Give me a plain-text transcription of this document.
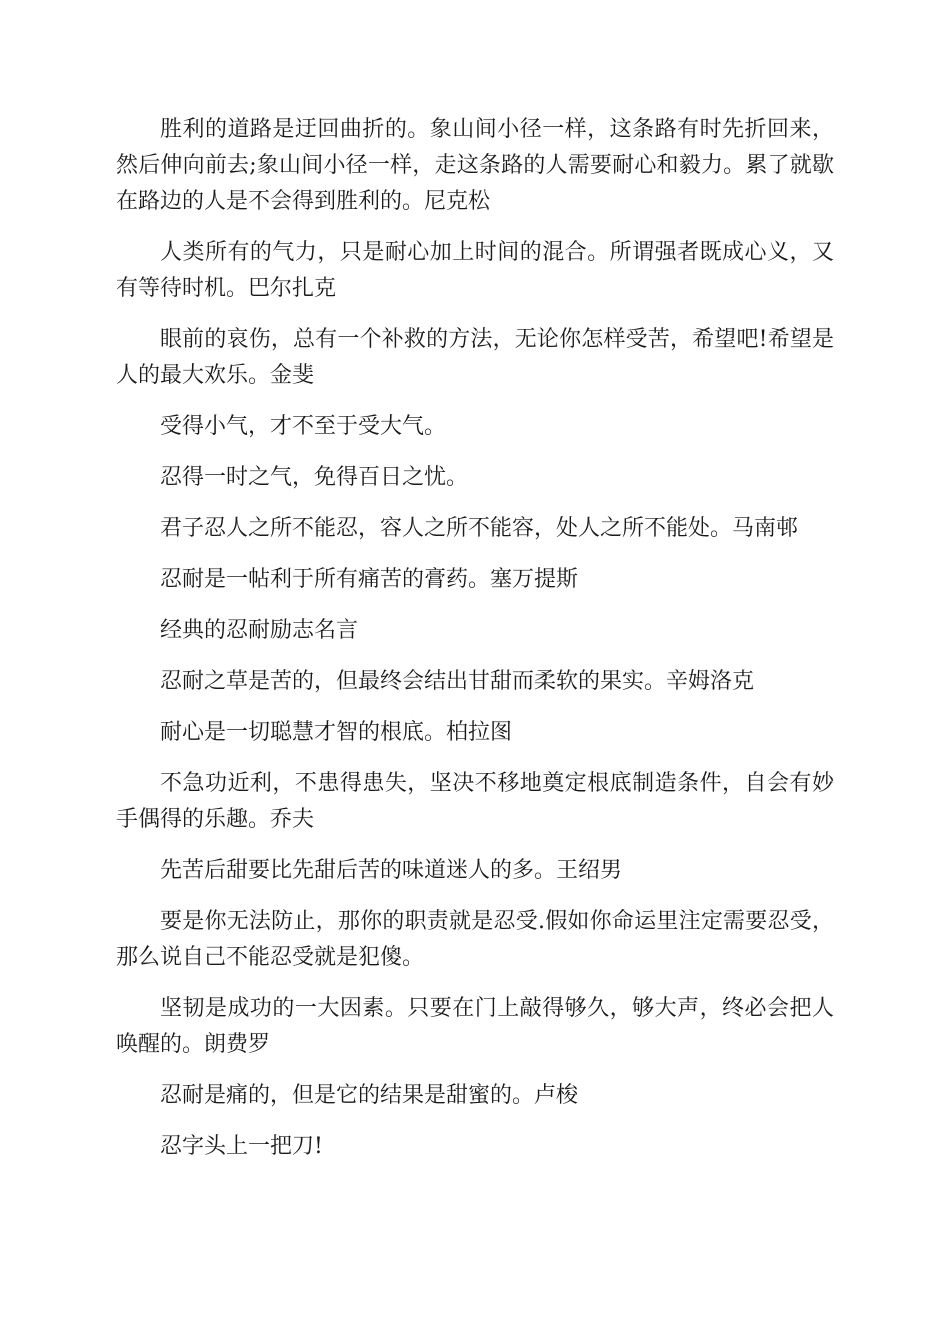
胜利的道路是迂回曲折的。象山间小径一样，这条路有时先折回来，然后伸向前去;象山间小径一样，走这条路的人需要耐心和毅力。累了就歇在路边的人是不会得到胜利的。尼克松

人类所有的气力，只是耐心加上时间的混合。所谓强者既成心义，又有等待时机。巴尔扎克

眼前的哀伤，总有一个补救的方法，无论你怎样受苦，希望吧!希望是人的最大欢乐。金斐

受得小气，才不至于受大气。

忍得一时之气，免得百日之忧。

君子忍人之所不能忍，容人之所不能容，处人之所不能处。马南邨

忍耐是一帖利于所有痛苦的膏药。塞万提斯

经典的忍耐励志名言

忍耐之草是苦的，但最终会结出甘甜而柔软的果实。辛姆洛克

耐心是一切聪慧才智的根底。柏拉图

不急功近利，不患得患失，坚决不移地奠定根底制造条件，自会有妙手偶得的乐趣。乔夫

先苦后甜要比先甜后苦的味道迷人的多。王绍男

要是你无法防止，那你的职责就是忍受.假如你命运里注定需要忍受，那么说自己不能忍受就是犯傻。

坚韧是成功的一大因素。只要在门上敲得够久，够大声，终必会把人唤醒的。朗费罗

忍耐是痛的，但是它的结果是甜蜜的。卢梭

忍字头上一把刀!
